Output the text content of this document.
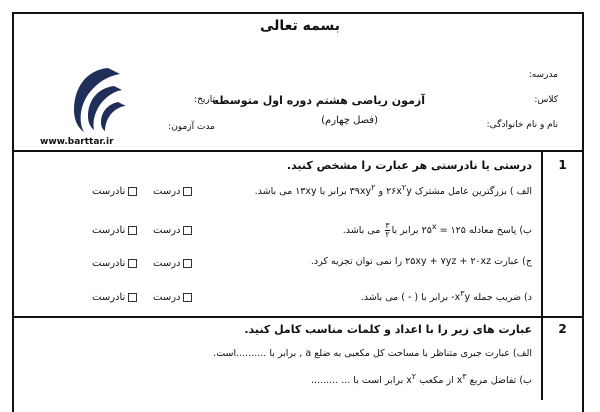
بسمه تعالی
مدرسه:
کلاس:
نام و نام خانوادگی:
آزمون ریاضی هشتم دوره اول متوسطه
(فصل چهارم)
تاریخ:
مدت آزمون:
www.barttar.ir
1
درستی یا نادرستی هر عبارت را مشخص کنید.
الف ) بزرگترین عامل مشترک $۲۶x^۲y$ و $۳۹xy^۲$ برابر با ۱۳xy می باشد.
ب) پاسخ معادله ۱۲۵ = $۲۵^x$ برابر با
$\frac{۳}{۲}$
می باشد.
ج) عبارت ۲۵xy + ۷yz + ۲۰xz را نمی توان تجزیه کرد.
د) ضریب جمله $x^۳y-$ برابر با ( - ) می باشد.
درست
نادرست
درست
نادرست
درست
نادرست
درست
نادرست
2
عبارت های زیر را با اعداد و کلمات مناسب کامل کنید.
الف) عبارت جبری متناظر با مساحت کل مکعبی به ضلع a , برابر با ..........است.
ب) تفاضل مربع $x^۳$ از مکعب $x^۲$ برابر است با ... .........
